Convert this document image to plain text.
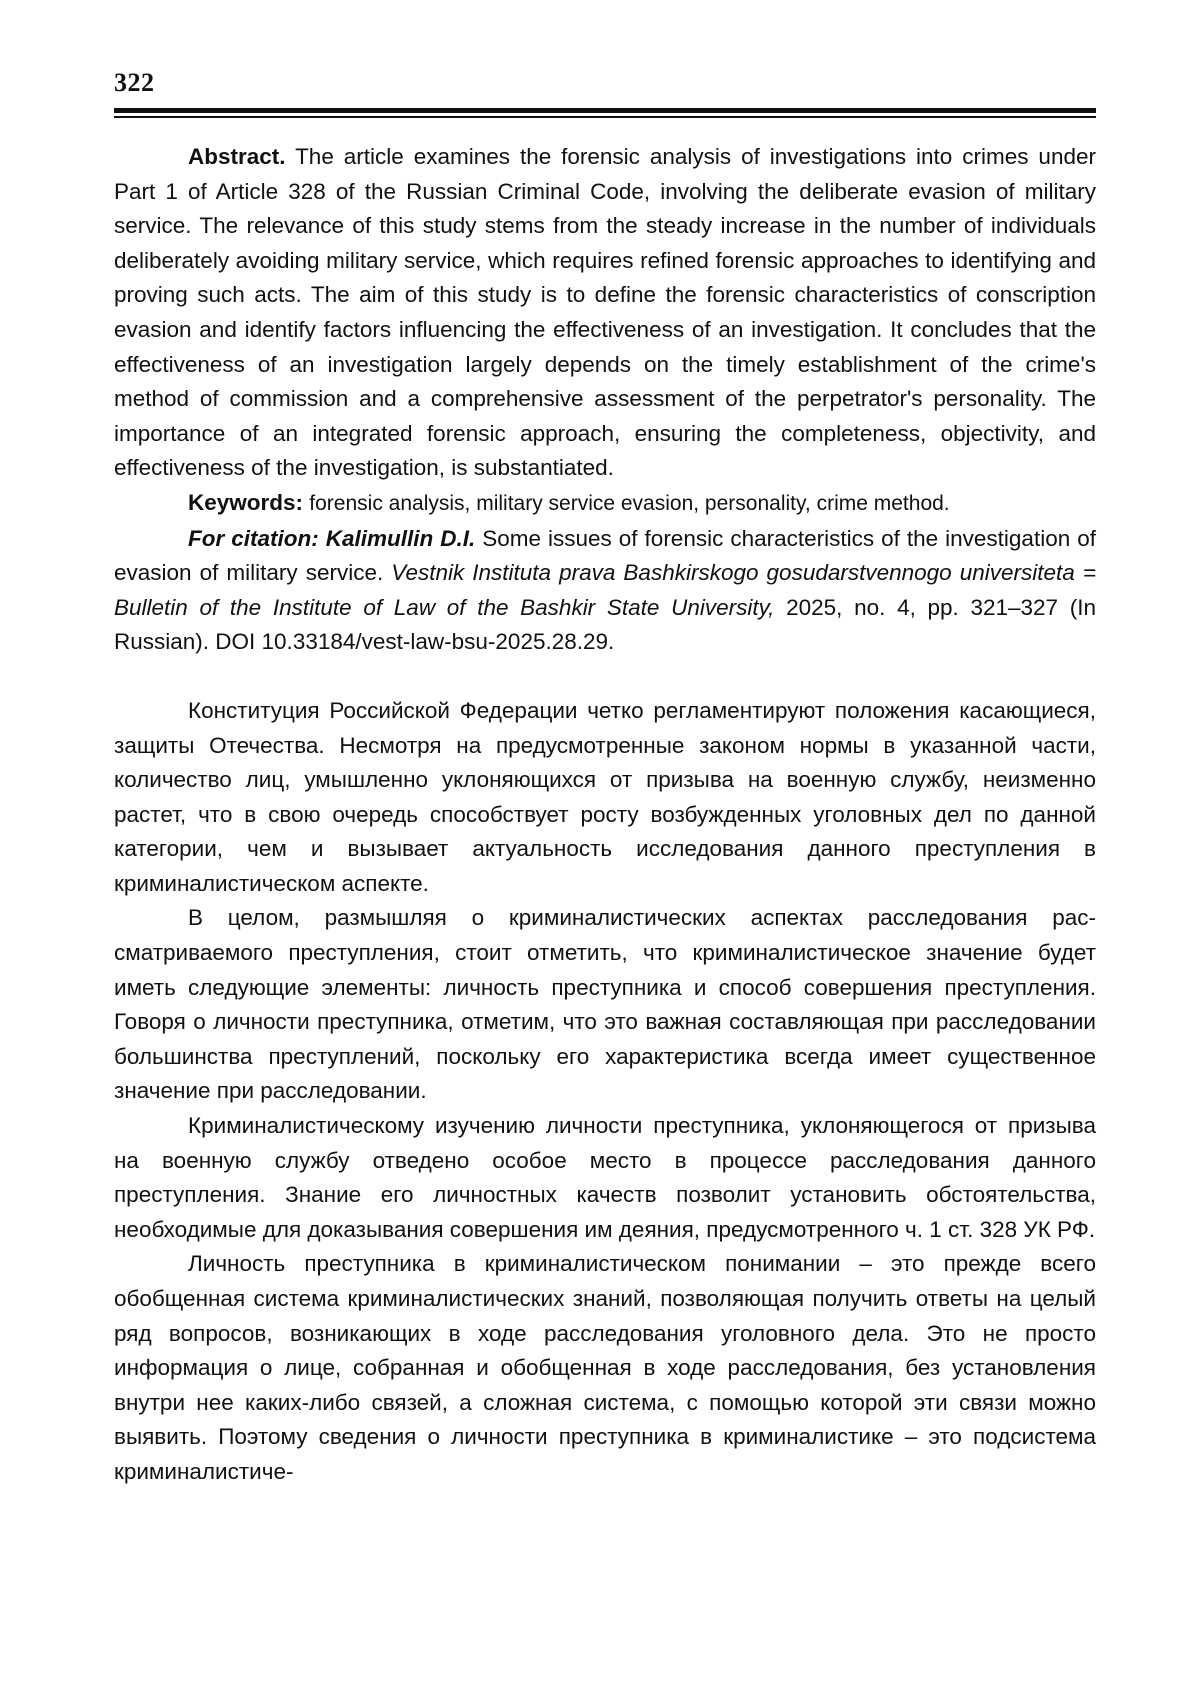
322

Abstract. The article examines the forensic analysis of investigations into crimes under Part 1 of Article 328 of the Russian Criminal Code, involving the deliberate evasion of military service. The relevance of this study stems from the steady increase in the number of individuals deliberately avoiding military service, which requires refined forensic approaches to identifying and proving such acts. The aim of this study is to define the forensic characteristics of conscription evasion and identify factors influencing the effectiveness of an investigation. It concludes that the effectiveness of an investigation largely depends on the timely establishment of the crime's method of commission and a comprehensive assessment of the perpetrator's personality. The importance of an integrated forensic approach, ensuring the completeness, objectivity, and effectiveness of the investigation, is substantiated.

Keywords: forensic analysis, military service evasion, personality, crime method.

For citation: Kalimullin D.I. Some issues of forensic characteristics of the investigation of evasion of military service. Vestnik Instituta prava Bashkirskogo gosudarstvennogo universiteta = Bulletin of the Institute of Law of the Bashkir State University, 2025, no. 4, pp. 321–327 (In Russian). DOI 10.33184/vest-law-bsu-2025.28.29.

Конституция Российской Федерации четко регламентируют положения касающиеся, защиты Отечества. Несмотря на предусмотренные законом нормы в указанной части, количество лиц, умышленно уклоняющихся от призыва на военную службу, неизменно растет, что в свою очередь способствует росту возбужденных уголовных дел по данной категории, чем и вызывает актуальность исследования данного преступления в криминалистическом аспекте.

В целом, размышляя о криминалистических аспектах расследования рассматриваемого преступления, стоит отметить, что криминалистическое значение будет иметь следующие элементы: личность преступника и способ совершения преступления. Говоря о личности преступника, отметим, что это важная составляющая при расследовании большинства преступлений, поскольку его характеристика всегда имеет существенное значение при расследовании.

Криминалистическому изучению личности преступника, уклоняющегося от призыва на военную службу отведено особое место в процессе расследования данного преступления. Знание его личностных качеств позволит установить обстоятельства, необходимые для доказывания совершения им деяния, предусмотренного ч. 1 ст. 328 УК РФ.

Личность преступника в криминалистическом понимании – это прежде всего обобщенная система криминалистических знаний, позволяющая получить ответы на целый ряд вопросов, возникающих в ходе расследования уголовного дела. Это не просто информация о лице, собранная и обобщенная в ходе расследования, без установления внутри нее каких-либо связей, а сложная система, с помощью которой эти связи можно выявить. Поэтому сведения о личности преступника в криминалистике – это подсистема криминалистиче-
